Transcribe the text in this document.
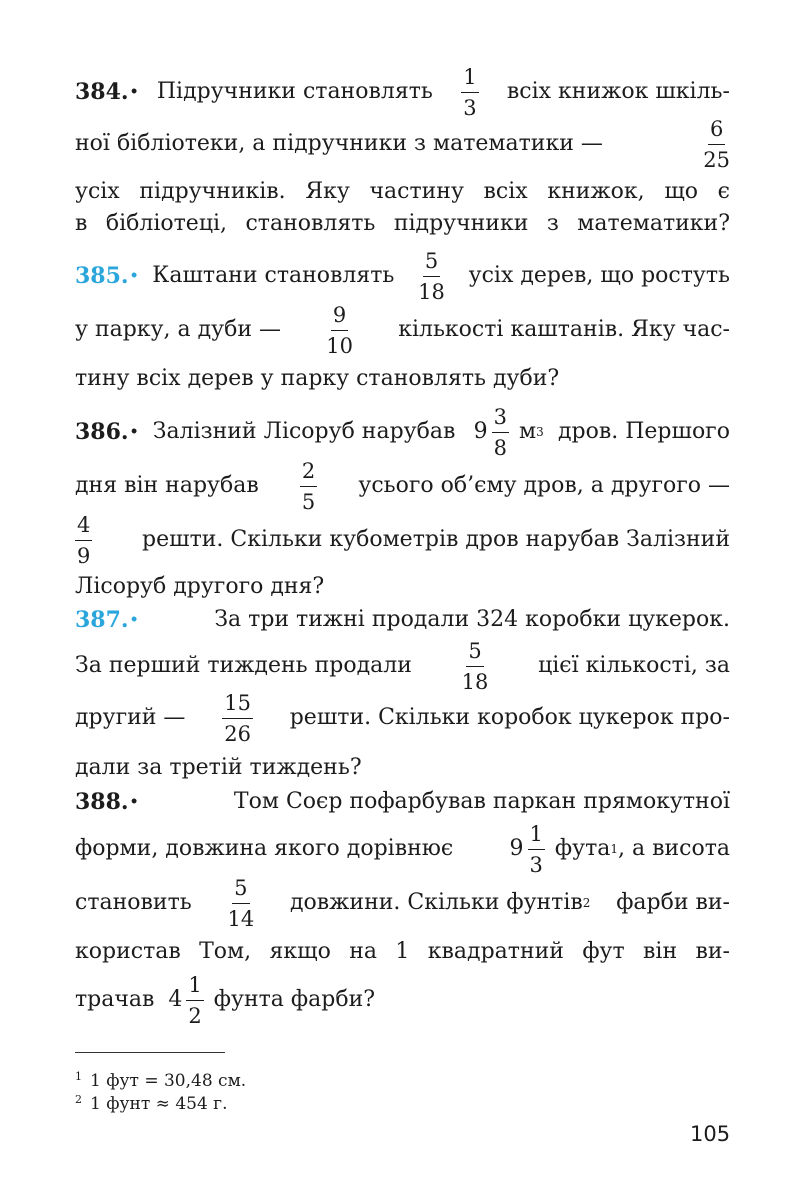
384. • Підручники становлять $\frac{1}{3}$ всіх книжок шкіль-
ної бібліотеки, а підручники з математики —	$\frac{6}{25}$
усіх підручників. Яку частину всіх книжок, що є
в бібліотеці, становлять підручники з математики?
385. • Каштани становлять $\frac{5}{18}$ усіх дерев, що ростуть
у парку, а дуби — $\frac{9}{10}$ кількості каштанів. Яку час-
тину всіх дерев у парку становлять дуби?
386. • Залізний Лісоруб нарубав $9 \frac{3}{8}$ м 3 дров. Першого
дня він нарубав $\frac{2}{5}$ усього об’єму дров, а другого —
$\frac{4}{9}$ решти. Скільки кубометрів дров нарубав Залізний
Лісоруб другого дня?
387. •	За три тижні продали 324 коробки цукерок.
За перший тиждень продали $\frac{5}{18}$ цієї кількості, за
другий — $\frac{15}{26}$ решти. Скільки коробок цукерок про-
дали за третій тиждень?
388. •	Том Соєр пофарбував паркан прямокутної
форми, довжина якого дорівнює	$9 \frac{1}{3}$ фута 1 , а висота
становить $\frac{5}{14}$ довжини. Скільки фунтів 2 фарби ви-
користав Том, якщо на 1 квадратний фут він ви-
трачав $4 \frac{1}{2}$ фунта фарби?
$^1$ 1 фут = 30,48 см.
$^2$ 1 фунт ≈ 454 г.
105
